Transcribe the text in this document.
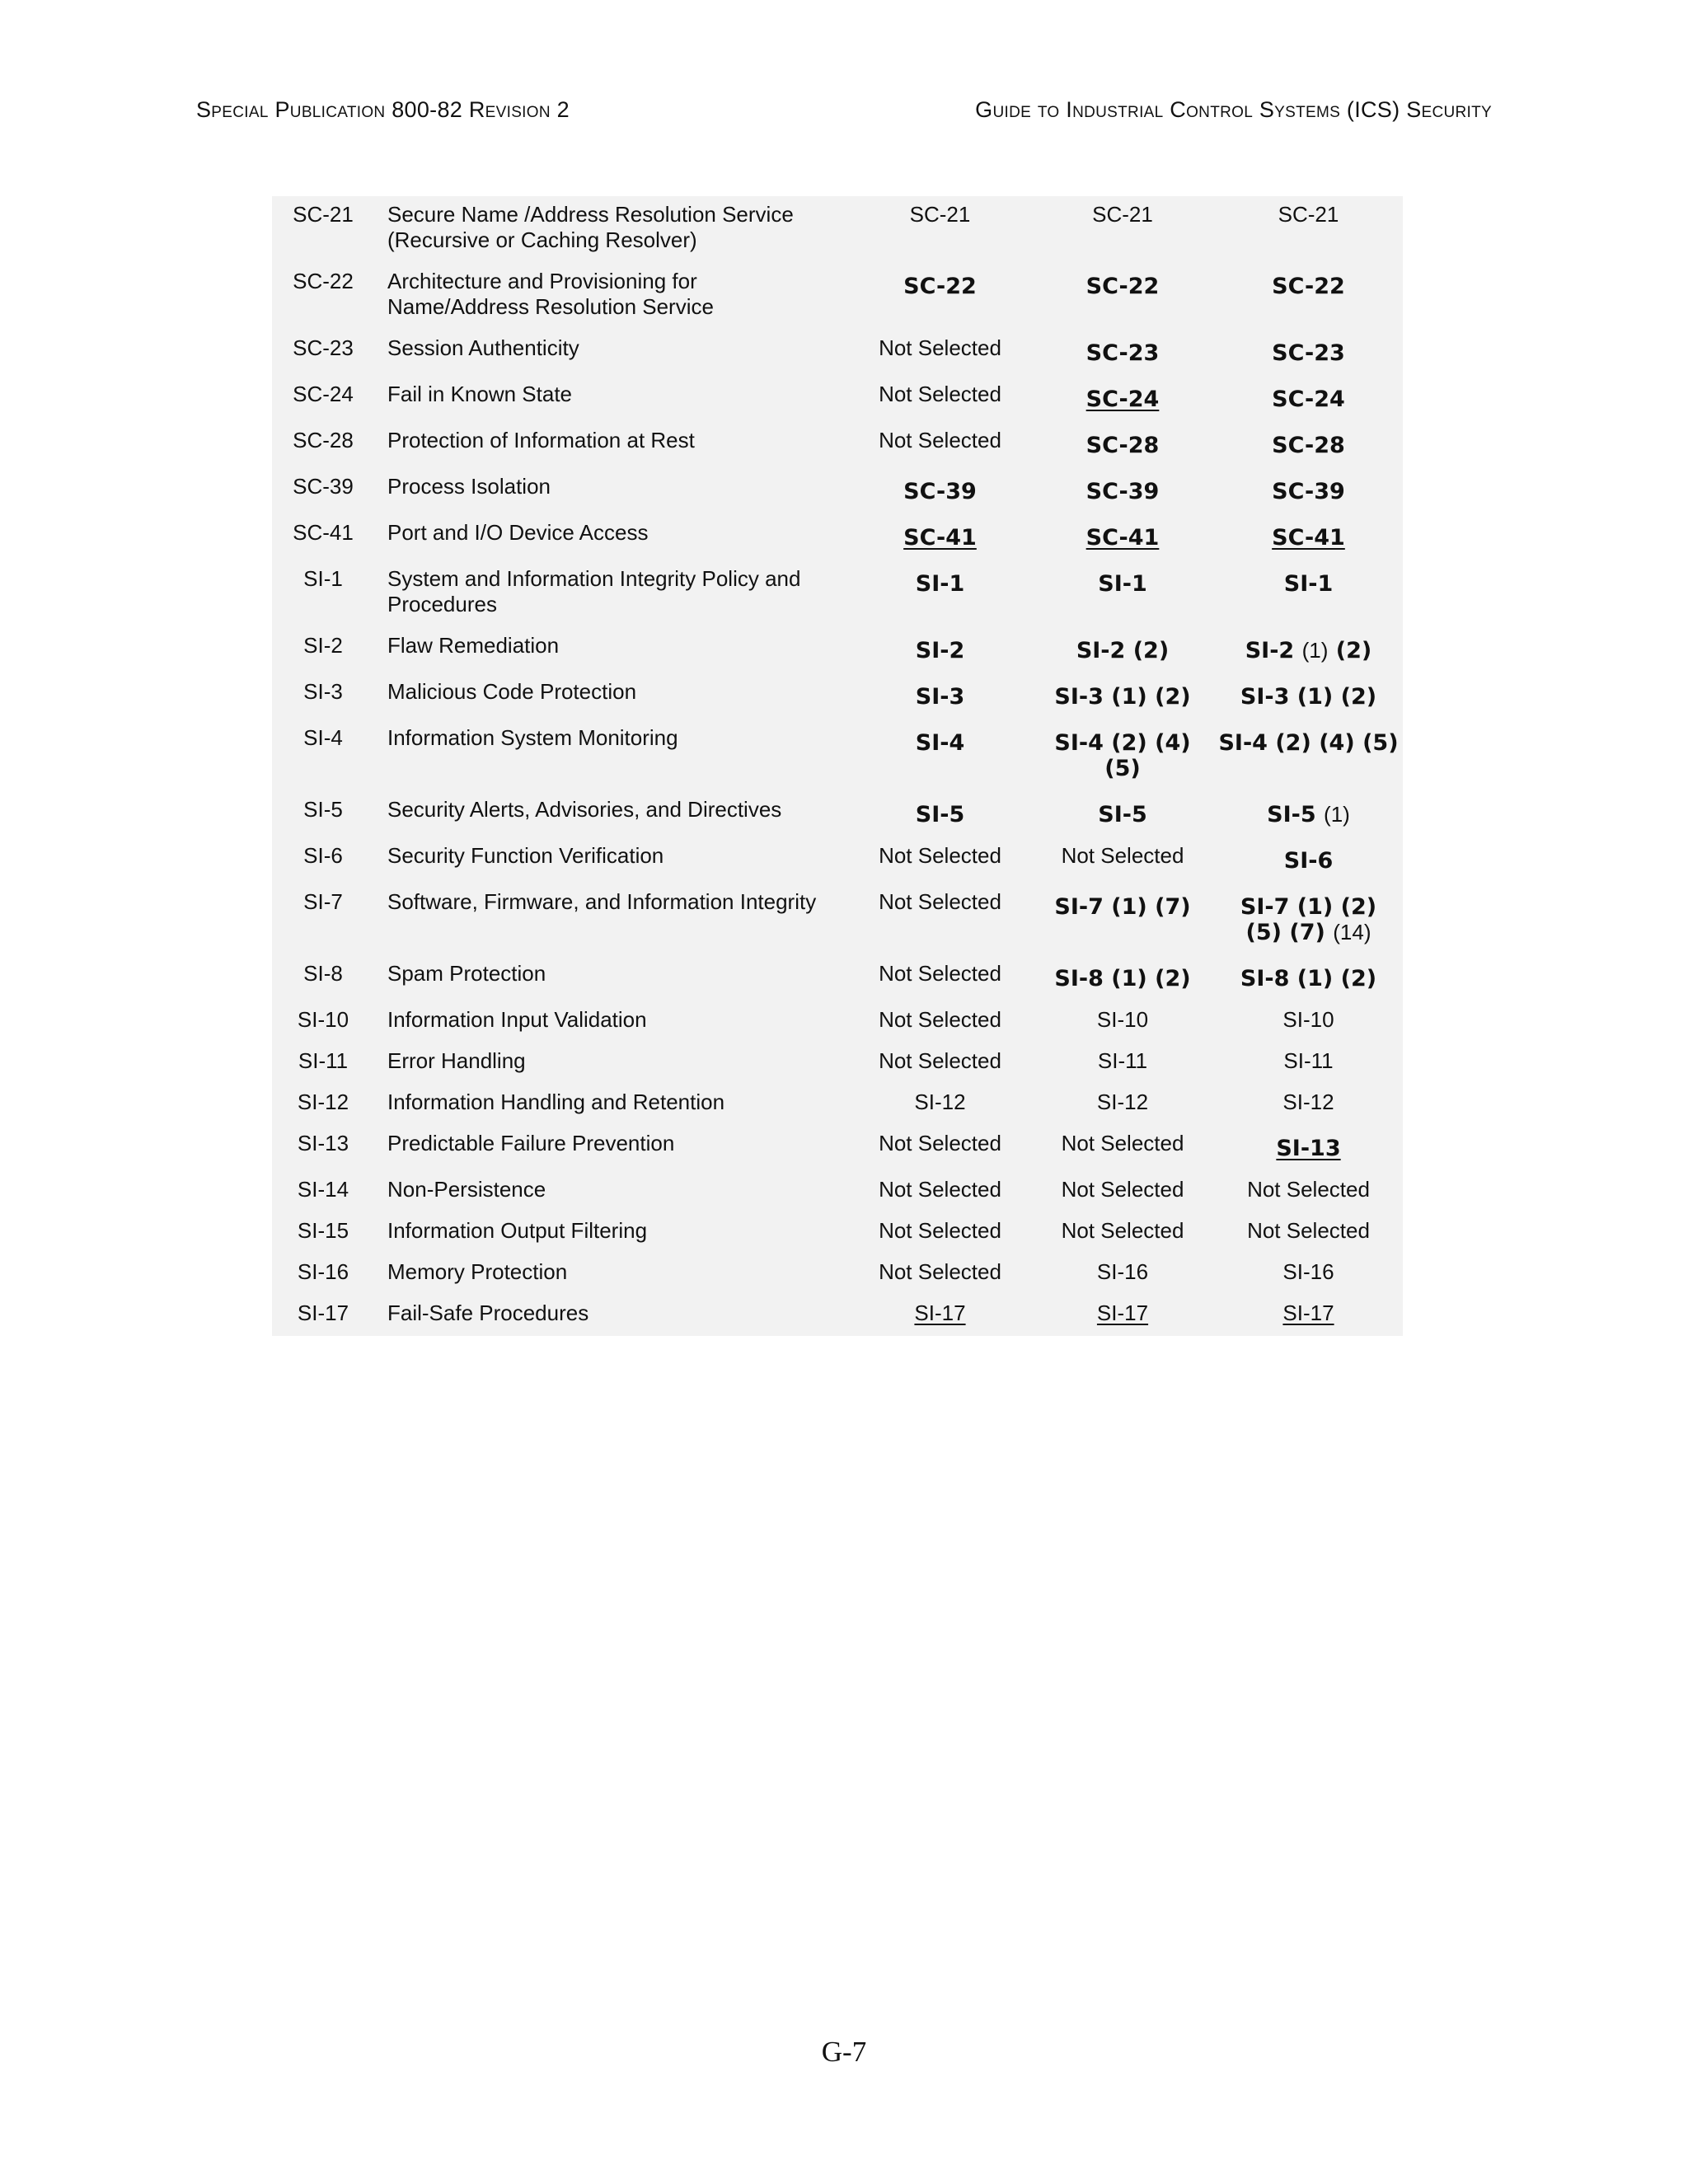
Special Publication 800-82 Revision 2	Guide to Industrial Control Systems (ICS) Security
SC-21	Secure Name /Address Resolution Service (Recursive or Caching Resolver)	SC-21	SC-21	SC-21
SC-22	Architecture and Provisioning for Name/Address Resolution Service	SC-22	SC-22	SC-22
SC-23	Session Authenticity	Not Selected	SC-23	SC-23
SC-24	Fail in Known State	Not Selected	SC-24	SC-24
SC-28	Protection of Information at Rest	Not Selected	SC-28	SC-28
SC-39	Process Isolation	SC-39	SC-39	SC-39
SC-41	Port and I/O Device Access	SC-41	SC-41	SC-41
SI-1	System and Information Integrity Policy and Procedures	SI-1	SI-1	SI-1
SI-2	Flaw Remediation	SI-2	SI-2 (2)	SI-2 (1) (2)
SI-3	Malicious Code Protection	SI-3	SI-3 (1) (2)	SI-3 (1) (2)
SI-4	Information System Monitoring	SI-4	SI-4 (2) (4) (5)	SI-4 (2) (4) (5)
SI-5	Security Alerts, Advisories, and Directives	SI-5	SI-5	SI-5 (1)
SI-6	Security Function Verification	Not Selected	Not Selected	SI-6
SI-7	Software, Firmware, and Information Integrity	Not Selected	SI-7 (1) (7)	SI-7 (1) (2) (5) (7) (14)
SI-8	Spam Protection	Not Selected	SI-8 (1) (2)	SI-8 (1) (2)
SI-10	Information Input Validation	Not Selected	SI-10	SI-10
SI-11	Error Handling	Not Selected	SI-11	SI-11
SI-12	Information Handling and Retention	SI-12	SI-12	SI-12
SI-13	Predictable Failure Prevention	Not Selected	Not Selected	SI-13
SI-14	Non-Persistence	Not Selected	Not Selected	Not Selected
SI-15	Information Output Filtering	Not Selected	Not Selected	Not Selected
SI-16	Memory Protection	Not Selected	SI-16	SI-16
SI-17	Fail-Safe Procedures	SI-17	SI-17	SI-17
G-7
